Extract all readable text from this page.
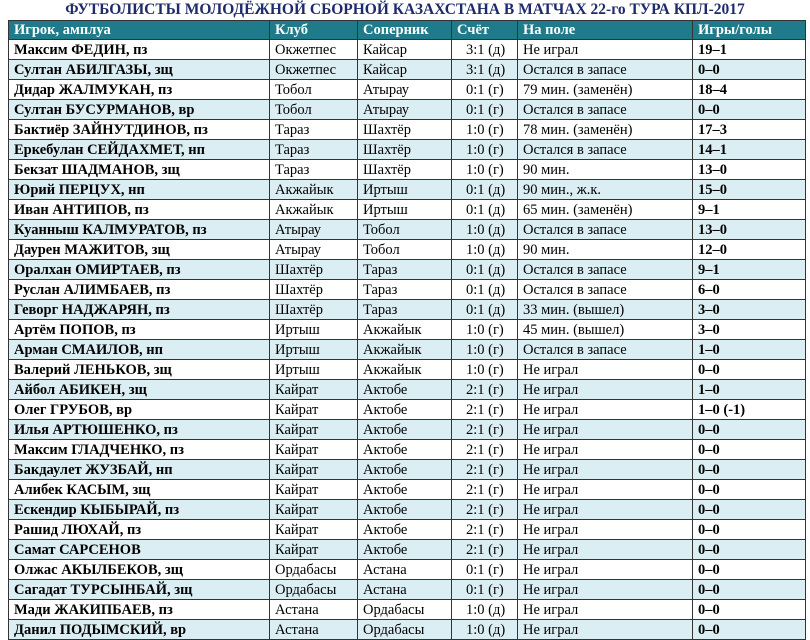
ФУТБОЛИСТЫ МОЛОДЁЖНОЙ СБОРНОЙ КАЗАХСТАНА В МАТЧАХ 22-го ТУРА КПЛ-2017
Игрок, амплуа	Клуб	Соперник	Счёт	На поле	Игры/голы
Максим ФЕДИН, пз	Окжетпес	Кайсар	3:1 (д)	Не играл	19–1
Султан АБИЛГАЗЫ, зщ	Окжетпес	Кайсар	3:1 (д)	Остался в запасе	0–0
Дидар ЖАЛМУКАН, пз	Тобол	Атырау	0:1 (г)	79 мин. (заменён)	18–4
Султан БУСУРМАНОВ, вр	Тобол	Атырау	0:1 (г)	Остался в запасе	0–0
Бактиёр ЗАЙНУТДИНОВ, пз	Тараз	Шахтёр	1:0 (г)	78 мин. (заменён)	17–3
Еркебулан СЕЙДАХМЕТ, нп	Тараз	Шахтёр	1:0 (г)	Остался в запасе	14–1
Бекзат ШАДМАНОВ, зщ	Тараз	Шахтёр	1:0 (г)	90 мин.	13–0
Юрий ПЕРЦУХ, нп	Акжайык	Иртыш	0:1 (д)	90 мин., ж.к.	15–0
Иван АНТИПОВ, пз	Акжайык	Иртыш	0:1 (д)	65 мин. (заменён)	9–1
Куанныш КАЛМУРАТОВ, пз	Атырау	Тобол	1:0 (д)	Остался в запасе	13–0
Даурен МАЖИТОВ, зщ	Атырау	Тобол	1:0 (д)	90 мин.	12–0
Оралхан ОМИРТАЕВ, пз	Шахтёр	Тараз	0:1 (д)	Остался в запасе	9–1
Руслан АЛИМБАЕВ, пз	Шахтёр	Тараз	0:1 (д)	Остался в запасе	6–0
Геворг НАДЖАРЯН, пз	Шахтёр	Тараз	0:1 (д)	33 мин. (вышел)	3–0
Артём ПОПОВ, пз	Иртыш	Акжайык	1:0 (г)	45 мин. (вышел)	3–0
Арман СМАИЛОВ, нп	Иртыш	Акжайык	1:0 (г)	Остался в запасе	1–0
Валерий ЛЕНЬКОВ, зщ	Иртыш	Акжайык	1:0 (г)	Не играл	0–0
Айбол АБИКЕН, зщ	Кайрат	Актобе	2:1 (г)	Не играл	1–0
Олег ГРУБОВ, вр	Кайрат	Актобе	2:1 (г)	Не играл	1–0 (-1)
Илья АРТЮШЕНКО, пз	Кайрат	Актобе	2:1 (г)	Не играл	0–0
Максим ГЛАДЧЕНКО, пз	Кайрат	Актобе	2:1 (г)	Не играл	0–0
Бакдаулет ЖУЗБАЙ, нп	Кайрат	Актобе	2:1 (г)	Не играл	0–0
Алибек КАСЫМ, зщ	Кайрат	Актобе	2:1 (г)	Не играл	0–0
Ескендир КЫБЫРАЙ, пз	Кайрат	Актобе	2:1 (г)	Не играл	0–0
Рашид ЛЮХАЙ, пз	Кайрат	Актобе	2:1 (г)	Не играл	0–0
Самат САРСЕНОВ	Кайрат	Актобе	2:1 (г)	Не играл	0–0
Олжас АКЫЛБЕКОВ, зщ	Ордабасы	Астана	0:1 (г)	Не играл	0–0
Сагадат ТУРСЫНБАЙ, зщ	Ордабасы	Астана	0:1 (г)	Не играл	0–0
Мади ЖАКИПБАЕВ, пз	Астана	Ордабасы	1:0 (д)	Не играл	0–0
Данил ПОДЫМСКИЙ, вр	Астана	Ордабасы	1:0 (д)	Не играл	0–0
